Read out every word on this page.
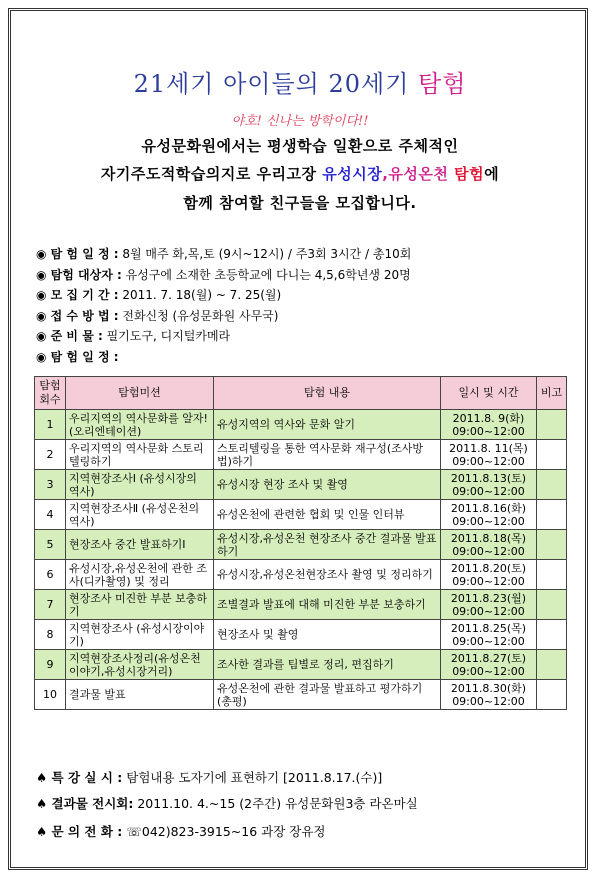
21세기 아이들의 20세기 탐험
야호! 신나는 방학이다!!
유성문화원에서는 평생학습 일환으로 주체적인
자기주도적학습의지로 우리고장 유성시장,유성온천 탐험에
함께 참여할 친구들을 모집합니다.
◉ 탐 험 일 정 : 8월 매주 화,목,토 (9시~12시) / 주3회 3시간 / 총10회
◉ 탐험 대상자 : 유성구에 소재한 초등학교에 다니는 4,5,6학년생 20명
◉ 모 집 기 간 : 2011. 7. 18(월) ~ 7. 25(월)
◉ 접 수 방 법 : 전화신청 (유성문화원 사무국)
◉ 준 비 물 : 필기도구, 디지털카메라
◉ 탐 험 일 정 :
탐험
회수	탐험미션	탐험 내용	일시 및 시간	비고
1	우리지역의 역사문화를 알자!(오리엔테이션)	유성지역의 역사와 문화 알기	2011.8. 9(화)
09:00~12:00	

2	우리지역의 역사문화 스토리텔링하기	스토리텔링을 통한 역사문화 재구성(조사방법)하기	2011.8. 11(목)
09:00~12:00	

3	지역현장조사Ⅰ (유성시장의 역사)	유성시장 현장 조사 및 촬영	2011.8.13(토)
09:00~12:00	

4	지역현장조사Ⅱ (유성온천의 역사)	유성온천에 관련한 협회 및 인물 인터뷰	2011.8.16(화)
09:00~12:00	

5	현장조사 중간 발표하기Ⅰ	유성시장,유성온천 현장조사 중간 결과물 발표하기	2011.8.18(목)
09:00~12:00	

6	유성시장,유성온천에 관한 조사(디카촬영) 및 정리	유성시장,유성온천현장조사 촬영 및 정리하기	2011.8.20(토)
09:00~12:00	

7	현장조사 미진한 부분 보충하기	조별결과 발표에 대해 미진한 부분 보충하기	2011.8.23(월)
09:00~12:00	

8	지역현장조사 (유성시장이야기)	현장조사 및 촬영	2011.8.25(목)
09:00~12:00	

9	지역현장조사정리(유성온천이야기,유성시장거리)	조사한 결과를 팀별로 정리, 편집하기	2011.8.27(토)
09:00~12:00	

10	결과물 발표	유성온천에 관한 결과물 발표하고 평가하기(총평)	2011.8.30(화)
09:00~12:00	

♠ 특 강 실 시 : 탐험내용 도자기에 표현하기 [2011.8.17.(수)]
♠ 결과물 전시회: 2011.10. 4.~15 (2주간) 유성문화원3층 라온마실
♠ 문 의 전 화 : ☏042)823-3915~16 과장 장유정
